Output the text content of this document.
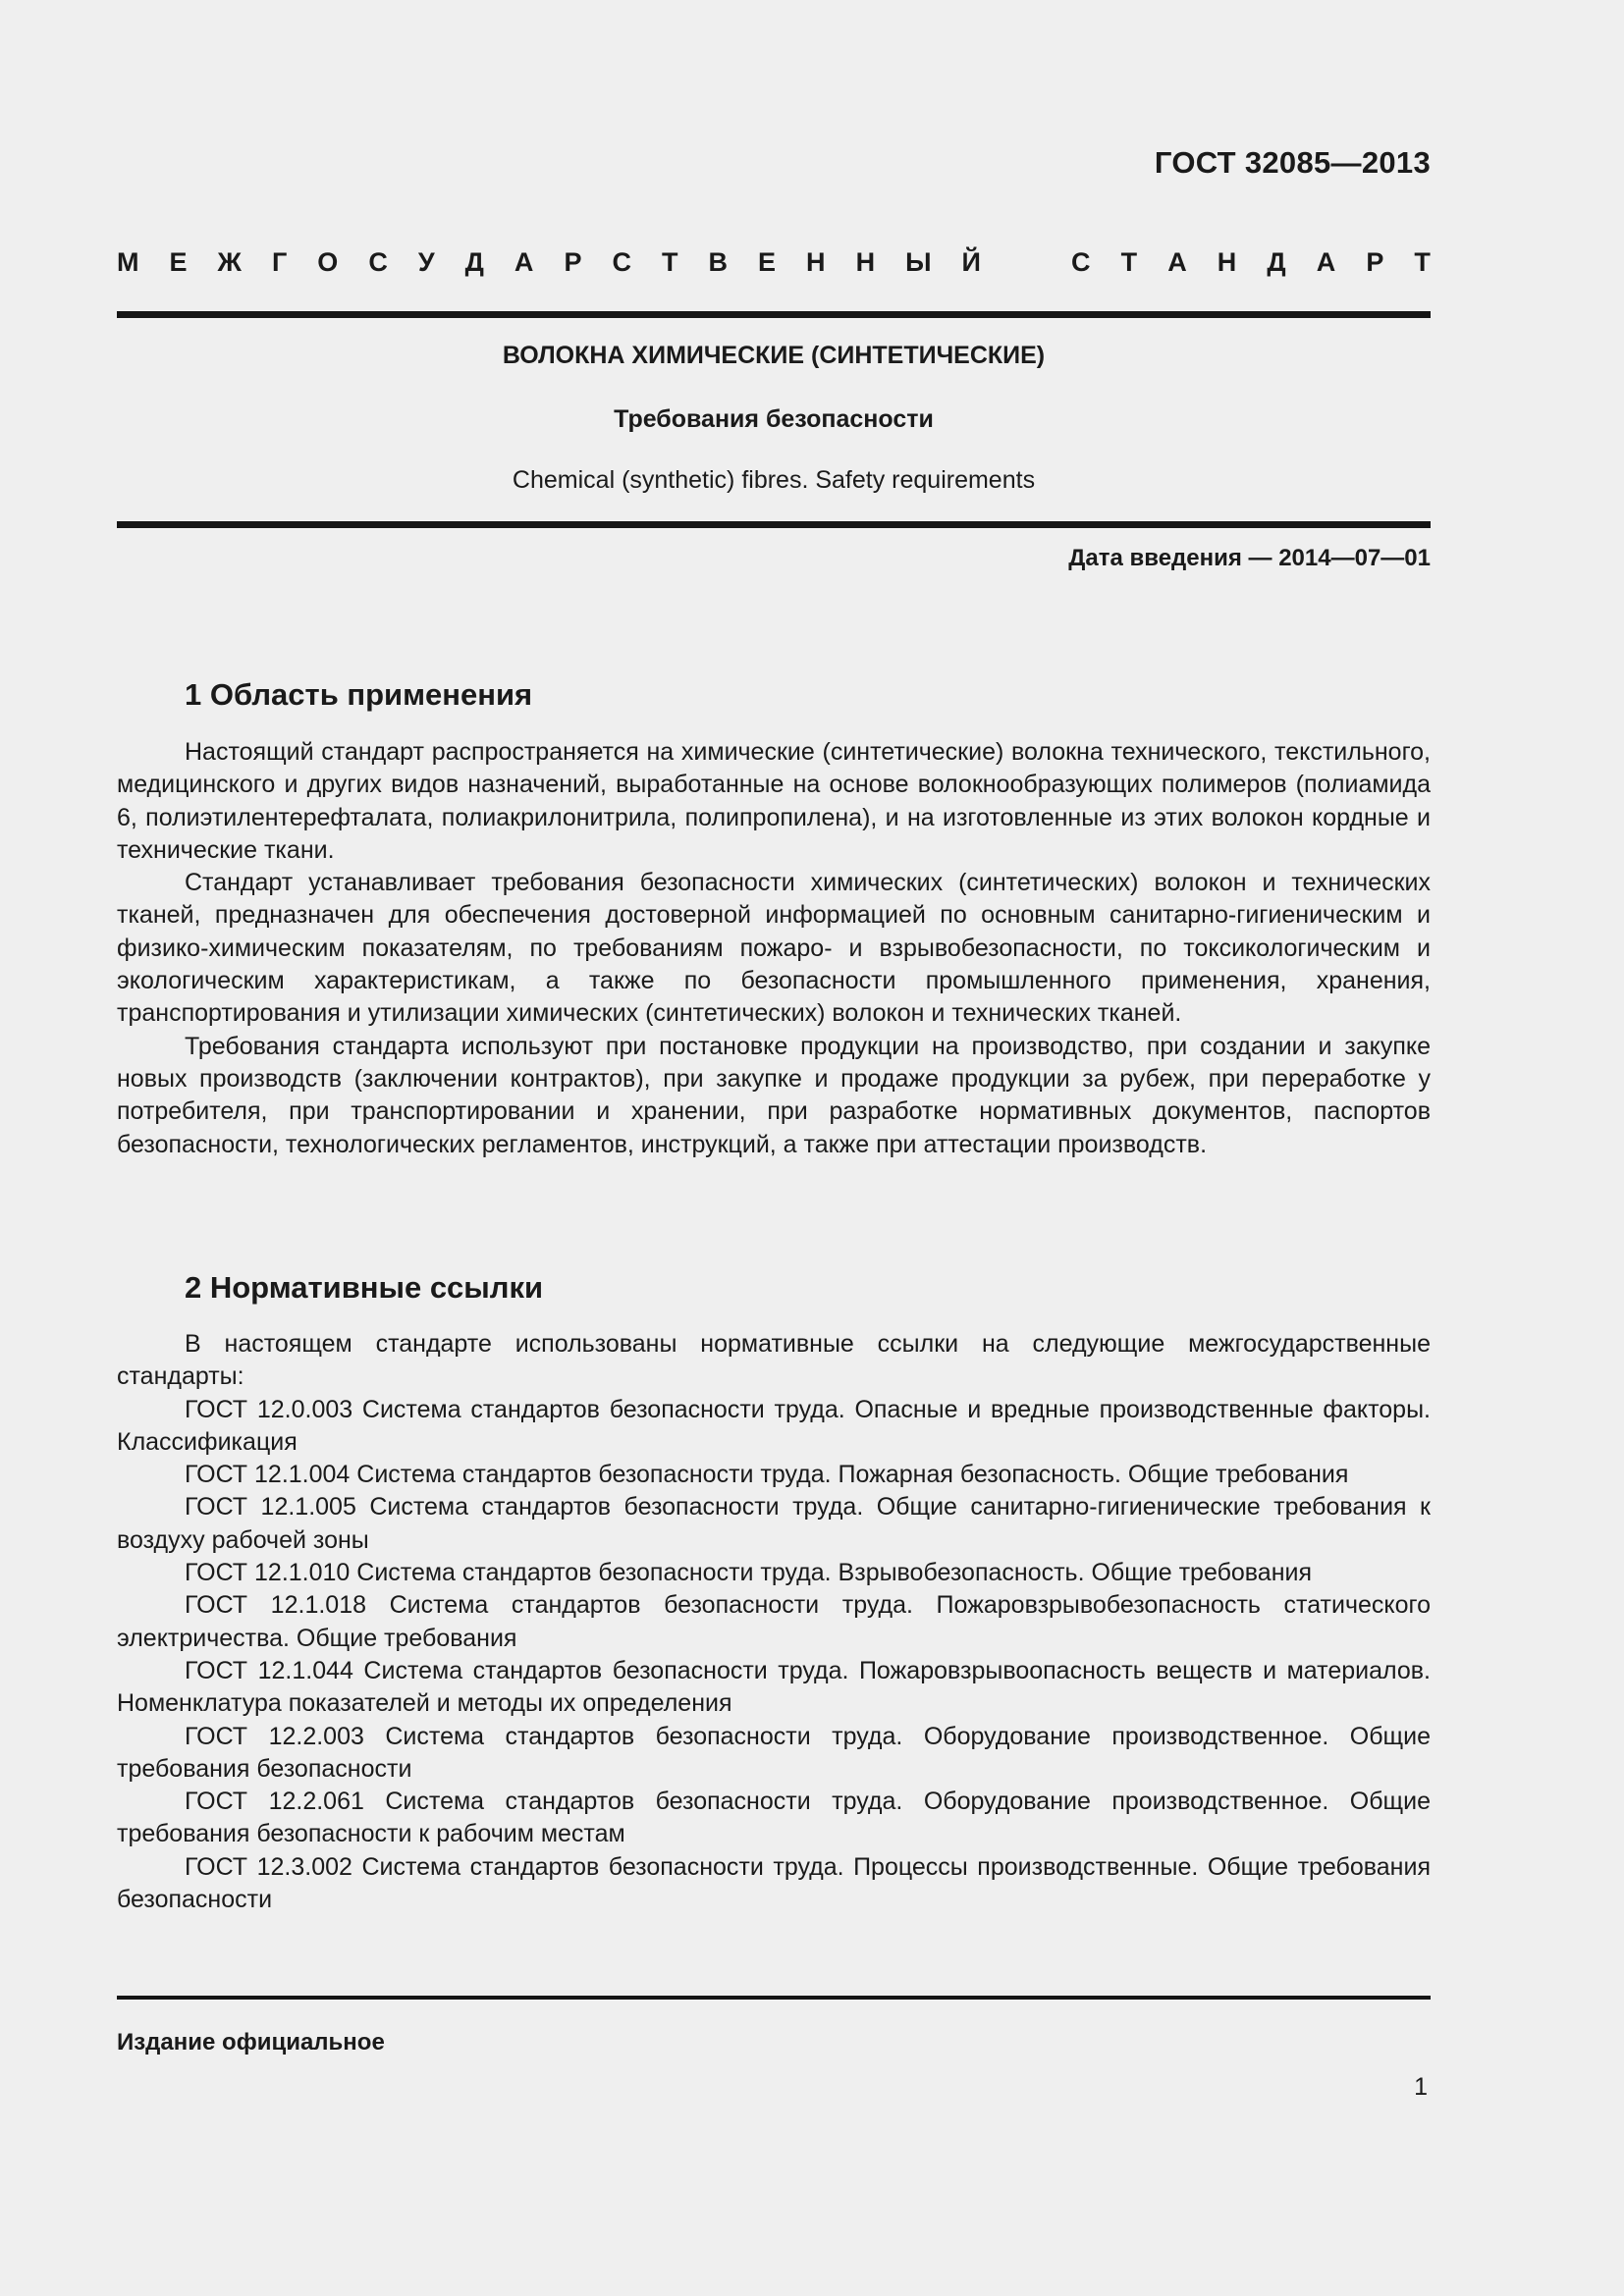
ГОСТ 32085—2013
М Е Ж Г О С У Д А Р С Т В Е Н Н Ы Й	С Т А Н Д А Р Т
ВОЛОКНА ХИМИЧЕСКИЕ (СИНТЕТИЧЕСКИЕ)
Требования безопасности
Chemical (synthetic) fibres. Safety requirements
Дата введения — 2014—07—01
1 Область применения

Настоящий стандарт распространяется на химические (синтетические) волокна технического, текстильного, медицинского и других видов назначений, выработанные на основе волокнообразующих полимеров (полиамида 6, полиэтилентерефталата, полиакрилонитрила, полипропилена), и на изготовленные из этих волокон кордные и технические ткани.

Стандарт устанавливает требования безопасности химических (синтетических) волокон и технических тканей, предназначен для обеспечения достоверной информацией по основным санитарно-гигиеническим и физико-химическим показателям, по требованиям пожаро- и взрывобезопасности, по токсикологическим и экологическим характеристикам, а также по безопасности промышленного применения, хранения, транспортирования и утилизации химических (синтетических) волокон и технических тканей.

Требования стандарта используют при постановке продукции на производство, при создании и закупке новых производств (заключении контрактов), при закупке и продаже продукции за рубеж, при переработке у потребителя, при транспортировании и хранении, при разработке нормативных документов, паспортов безопасности, технологических регламентов, инструкций, а также при аттестации производств.

2 Нормативные ссылки

В настоящем стандарте использованы нормативные ссылки на следующие межгосударственные стандарты:

ГОСТ 12.0.003 Система стандартов безопасности труда. Опасные и вредные производственные факторы. Классификация

ГОСТ 12.1.004 Система стандартов безопасности труда. Пожарная безопасность. Общие требования

ГОСТ 12.1.005 Система стандартов безопасности труда. Общие санитарно-гигиенические требования к воздуху рабочей зоны

ГОСТ 12.1.010 Система стандартов безопасности труда. Взрывобезопасность. Общие требования

ГОСТ 12.1.018 Система стандартов безопасности труда. Пожаровзрывобезопасность статического электричества. Общие требования

ГОСТ 12.1.044 Система стандартов безопасности труда. Пожаровзрывоопасность веществ и материалов. Номенклатура показателей и методы их определения

ГОСТ 12.2.003 Система стандартов безопасности труда. Оборудование производственное. Общие требования безопасности

ГОСТ 12.2.061 Система стандартов безопасности труда. Оборудование производственное. Общие требования безопасности к рабочим местам

ГОСТ 12.3.002 Система стандартов безопасности труда. Процессы производственные. Общие требования безопасности

Издание официальное
1
